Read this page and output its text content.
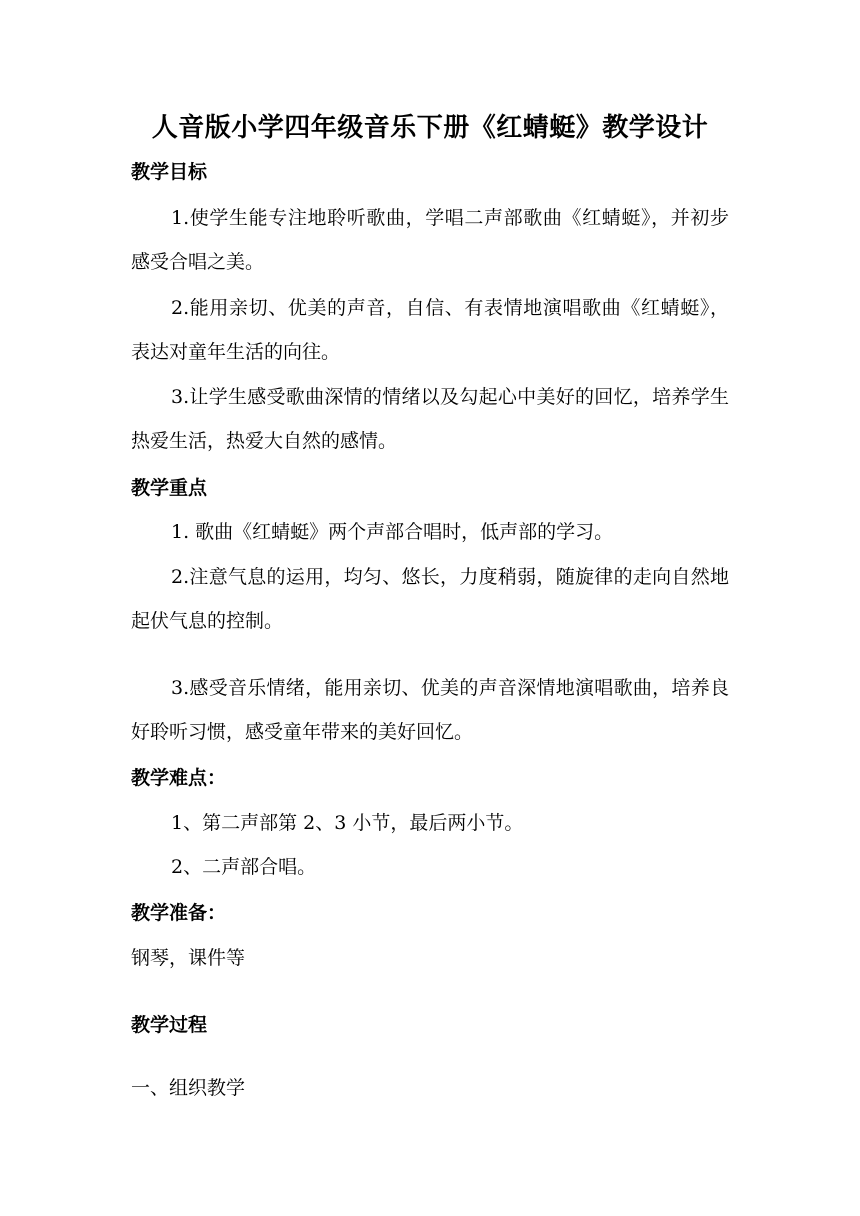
人音版小学四年级音乐下册《红蜻蜓》教学设计
教学目标
1.使学生能专注地聆听歌曲，学唱二声部歌曲《红蜻蜓》，并初步感受合唱之美。
2.能用亲切、优美的声音，自信、有表情地演唱歌曲《红蜻蜓》，表达对童年生活的向往。
3.让学生感受歌曲深情的情绪以及勾起心中美好的回忆，培养学生热爱生活，热爱大自然的感情。
教学重点
1. 歌曲《红蜻蜓》两个声部合唱时，低声部的学习。
2.注意气息的运用，均匀、悠长，力度稍弱，随旋律的走向自然地起伏气息的控制。
3.感受音乐情绪，能用亲切、优美的声音深情地演唱歌曲，培养良好聆听习惯，感受童年带来的美好回忆。
教学难点：
1、第二声部第 2、3 小节，最后两小节。
2、二声部合唱。
教学准备：
钢琴，课件等
教学过程
一、组织教学
